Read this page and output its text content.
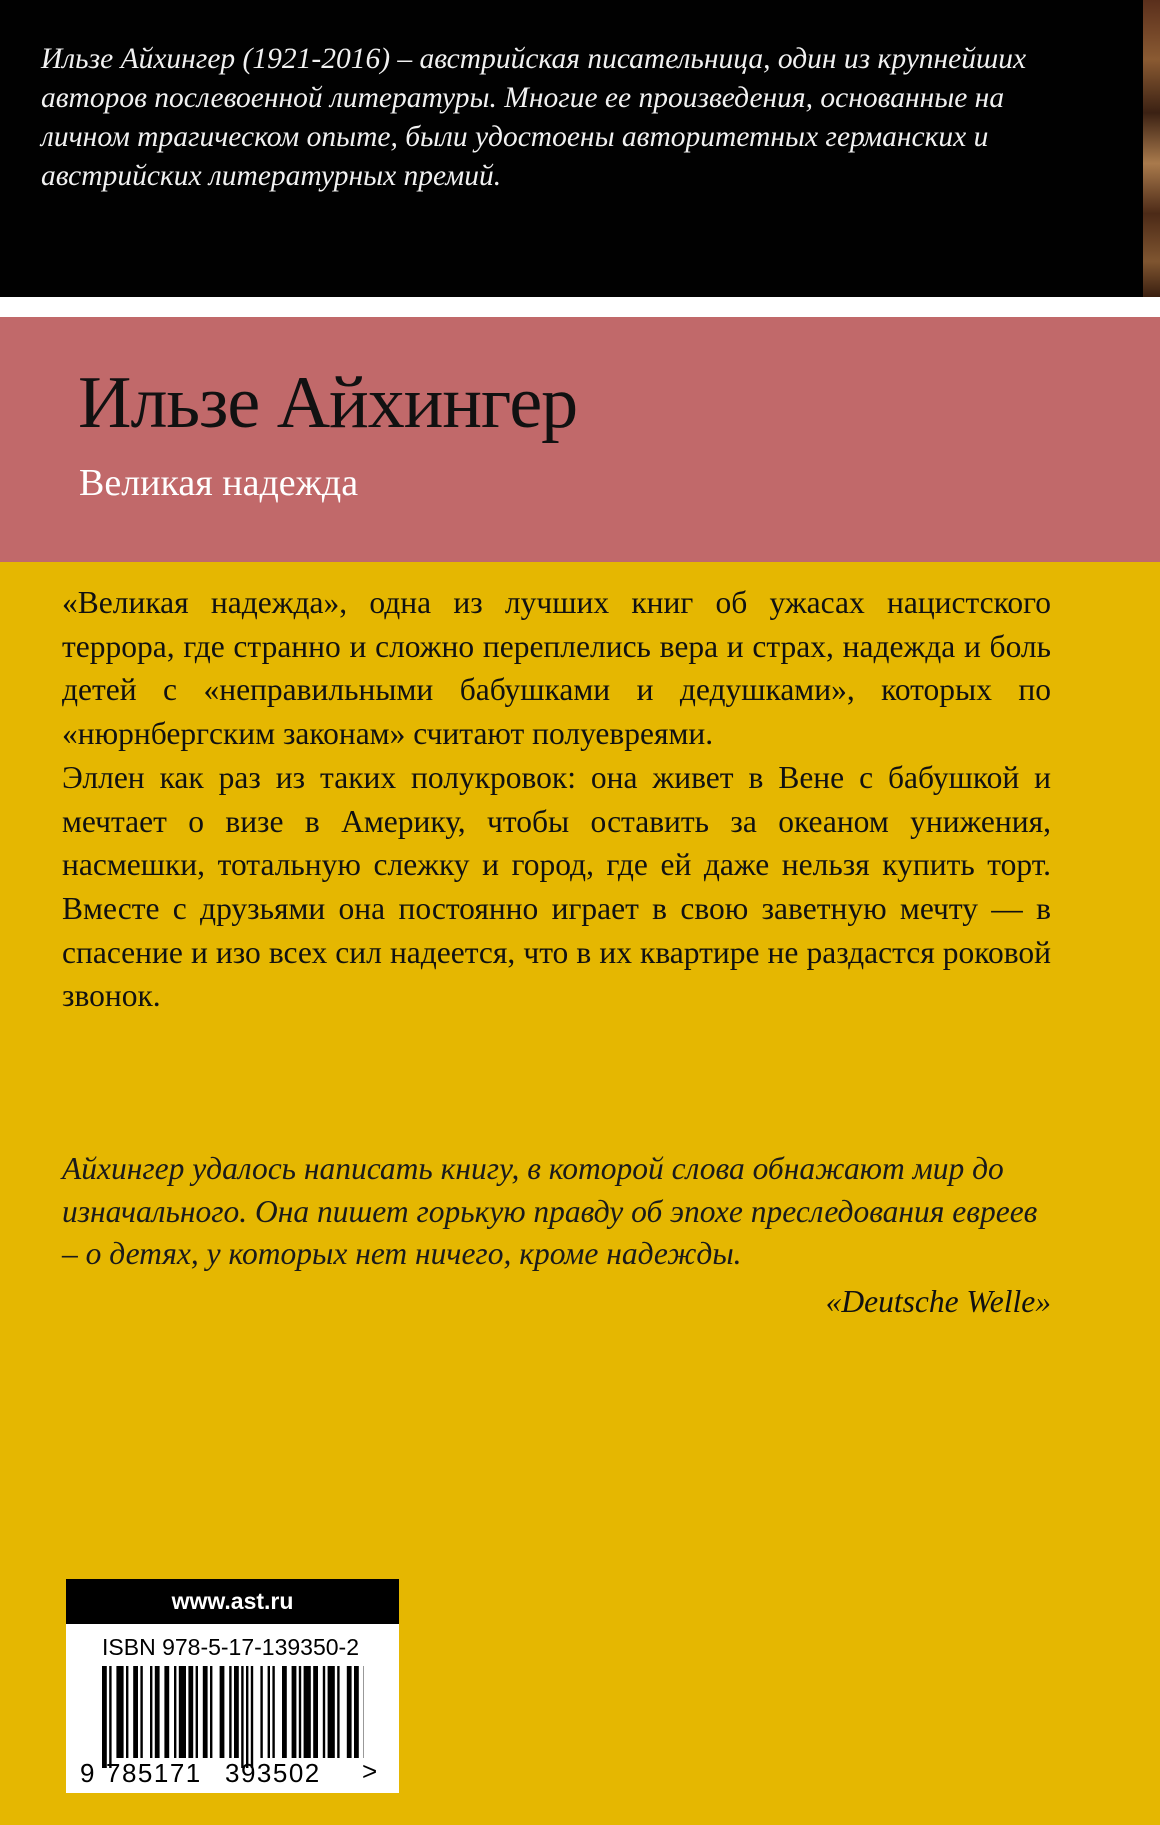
Ильзе Айхингер (1921-2016) – австрийская писательница, один из крупнейших авторов послевоенной литературы. Многие ее произведения, основанные на личном трагическом опыте, были удостоены авторитетных германских и австрийских литературных премий.

Ильзе Айхингер
Великая надежда

«Великая надежда», одна из лучших книг об ужасах нацистского террора, где странно и сложно переплелись вера и страх, надежда и боль детей с «неправильными бабушками и дедушками», которых по «нюрнбергским законам» считают полуевреями.

Эллен как раз из таких полукровок: она живет в Вене с бабушкой и мечтает о визе в Америку, чтобы оставить за океаном унижения, насмешки, тотальную слежку и город, где ей даже нельзя купить торт. Вместе с друзьями она постоянно играет в свою заветную мечту — в спасение и изо всех сил надеется, что в их квартире не раздастся роковой звонок.

Айхингер удалось написать книгу, в которой слова обнажают мир до изначального. Она пишет горькую правду об эпохе преследования евреев – о детях, у которых нет ничего, кроме надежды.

«Deutsche Welle»

www.ast.ru

ISBN 978-5-17-139350-2

9 785171 393502 >
